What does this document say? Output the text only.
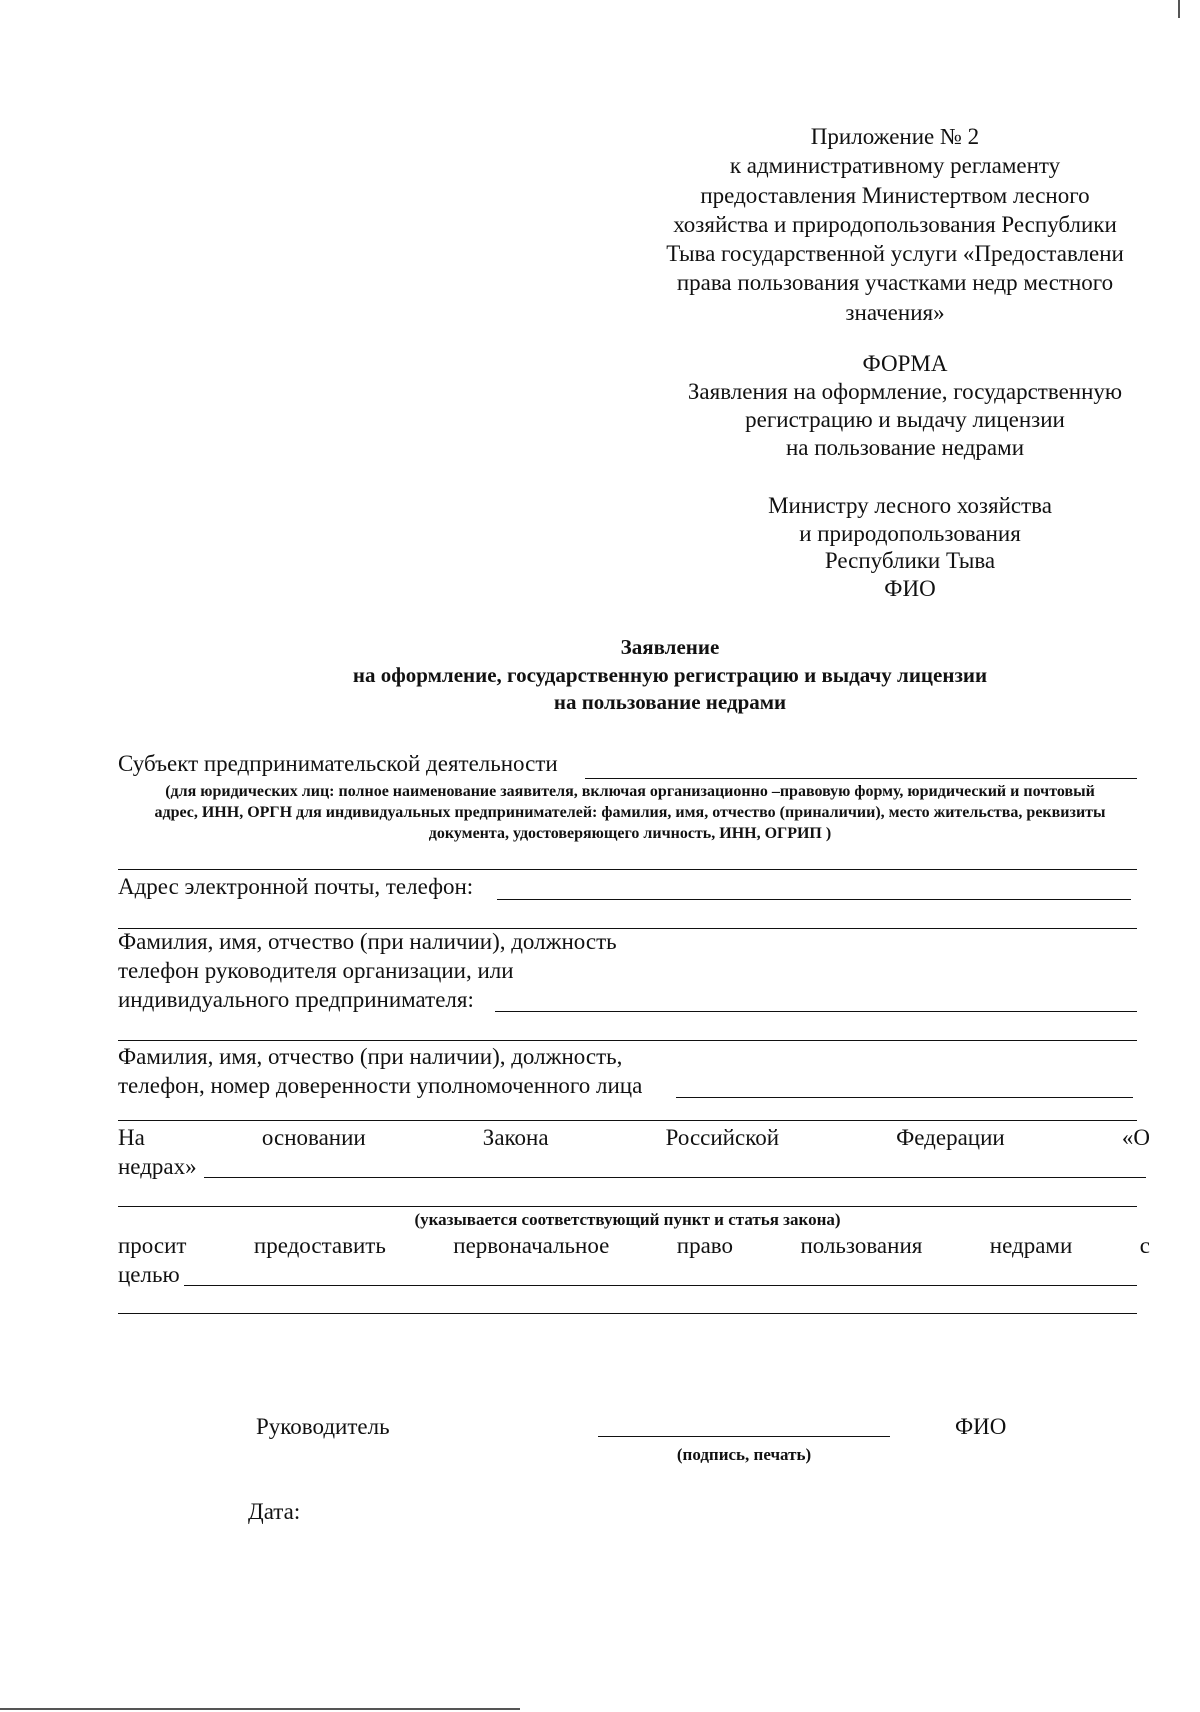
Приложение № 2
к административному регламенту
предоставления Министертвом лесного
хозяйства и природопользования Республики
Тыва государственной услуги «Предоставлени
права пользования участками недр местного
значения»
ФОРМА
Заявления на оформление, государственную
регистрацию и выдачу лицензии
на пользование недрами
Министру лесного хозяйства
и природопользования
Республики Тыва
ФИО
Заявление
на оформление, государственную регистрацию и выдачу лицензии
на пользование недрами
Субъект предпринимательской деятельности
(для юридических лиц: полное наименование заявителя, включая организационно –правовую форму, юридический и почтовый
адрес, ИНН, ОРГН для индивидуальных предпринимателей: фамилия, имя, отчество (приналичии), место жительства, реквизиты
документа, удостоверяющего личность, ИНН, ОГРИП )
Адрес электронной почты, телефон:
Фамилия, имя, отчество (при наличии), должность
телефон руководителя организации, или
индивидуального предпринимателя:
Фамилия, имя, отчество (при наличии), должность,
телефон, номер доверенности уполномоченного лица
На	основании	Закона	Российской	Федерации	«О
недрах»
(указывается соответствующий пункт и статья закона)
просит	предоставить	первоначальное	право	пользования	недрами	с
целью
Руководитель	ФИО
(подпись, печать)
Дата:
